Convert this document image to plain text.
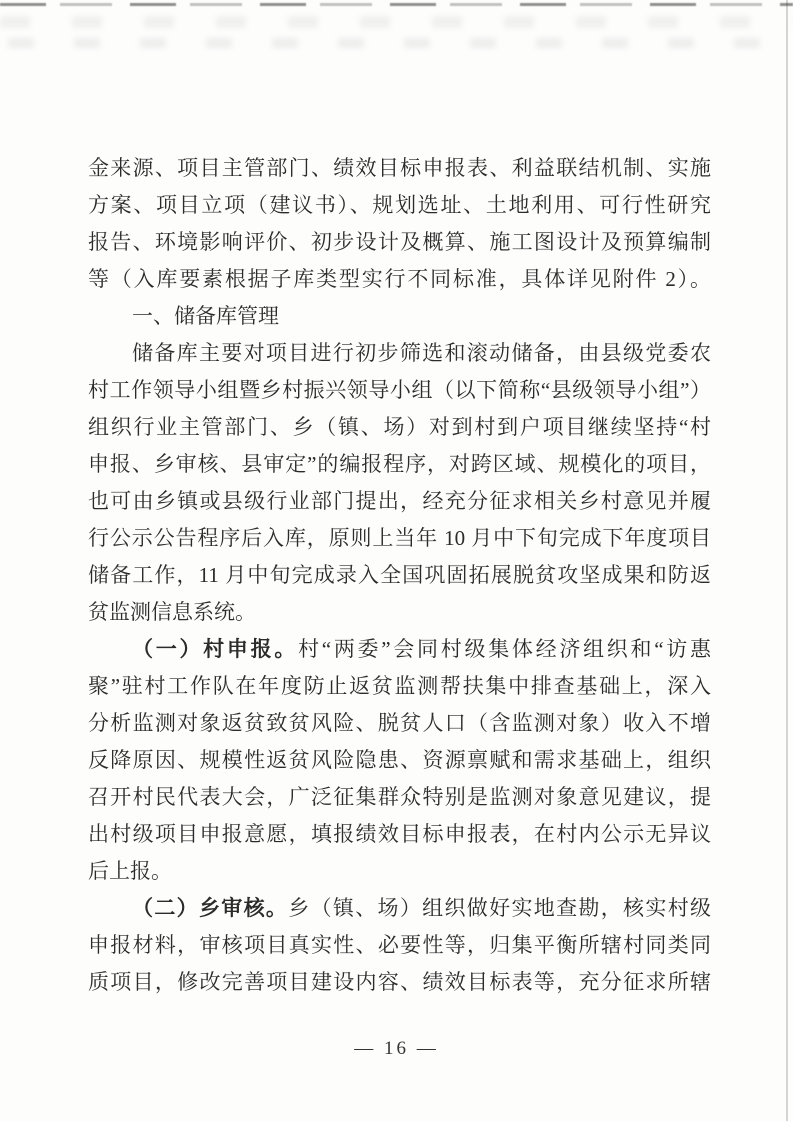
金来源、项目主管部门、绩效目标申报表、利益联结机制、实施
方案、项目立项（建议书）、规划选址、土地利用、可行性研究
报告、环境影响评价、初步设计及概算、施工图设计及预算编制
等（入库要素根据子库类型实行不同标准，具体详见附件 2）。
一、储备库管理
储备库主要对项目进行初步筛选和滚动储备，由县级党委农
村工作领导小组暨乡村振兴领导小组（以下简称“县级领导小组”）
组织行业主管部门、乡（镇、场）对到村到户项目继续坚持“村
申报、乡审核、县审定”的编报程序，对跨区域、规模化的项目，
也可由乡镇或县级行业部门提出，经充分征求相关乡村意见并履
行公示公告程序后入库，原则上当年 10 月中下旬完成下年度项目
储备工作，11 月中旬完成录入全国巩固拓展脱贫攻坚成果和防返
贫监测信息系统。
（一）村申报。村“两委”会同村级集体经济组织和“访惠
聚”驻村工作队在年度防止返贫监测帮扶集中排查基础上，深入
分析监测对象返贫致贫风险、脱贫人口（含监测对象）收入不增
反降原因、规模性返贫风险隐患、资源禀赋和需求基础上，组织
召开村民代表大会，广泛征集群众特别是监测对象意见建议，提
出村级项目申报意愿，填报绩效目标申报表，在村内公示无异议
后上报。
（二）乡审核。乡（镇、场）组织做好实地查勘，核实村级
申报材料，审核项目真实性、必要性等，归集平衡所辖村同类同
质项目，修改完善项目建设内容、绩效目标表等，充分征求所辖
— 16 —
